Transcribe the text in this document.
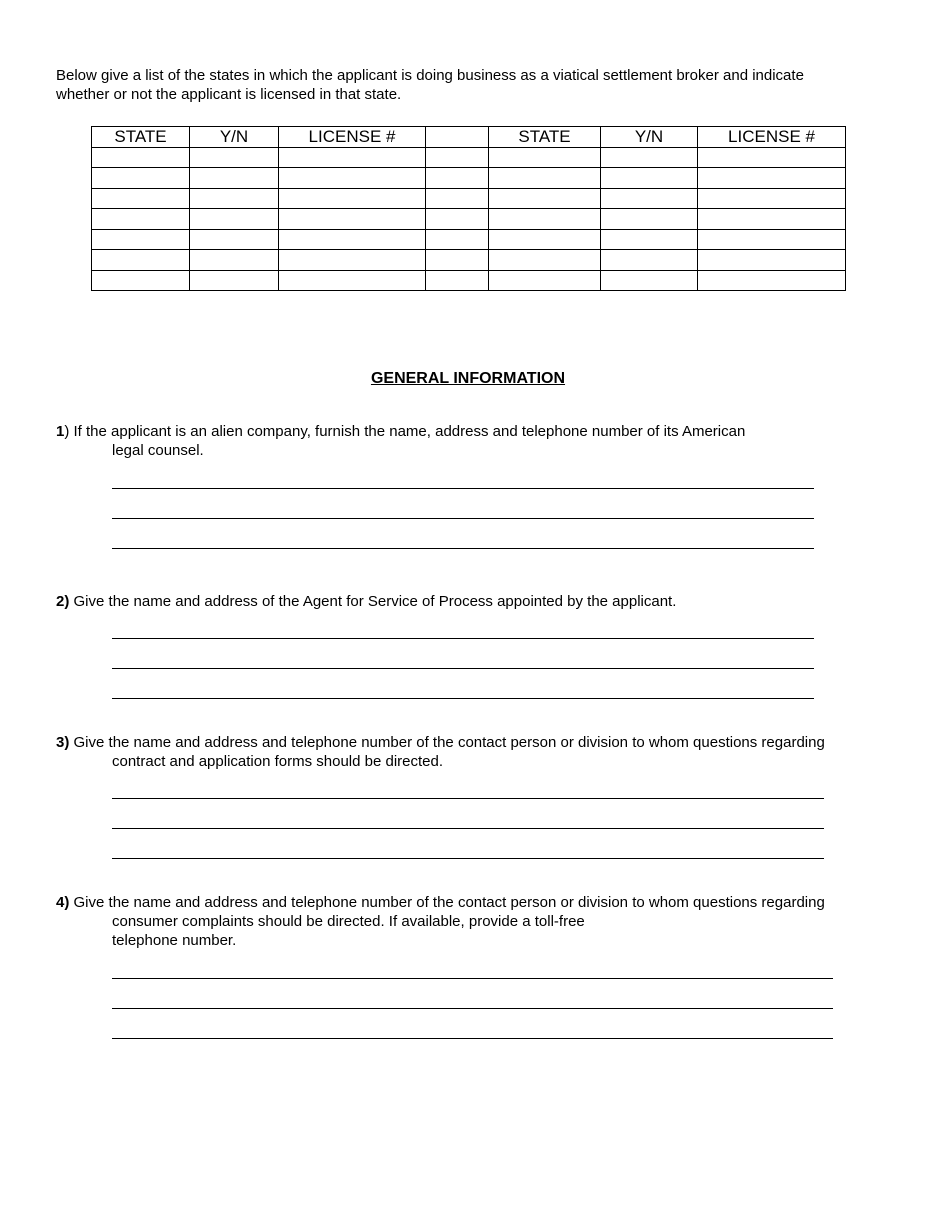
Below give a list of the states in which the applicant is doing business as a viatical settlement broker and indicate whether or not the applicant is licensed in that state.

STATE	Y/N	LICENSE #		STATE	Y/N	LICENSE #

GENERAL INFORMATION

1) If the applicant is an alien company, furnish the name, address and telephone number of its American
legal counsel.

2) Give the name and address of the Agent for Service of Process appointed by the applicant.

3) Give the name and address and telephone number of the contact person or division to whom questions regarding
contract and application forms should be directed.

4) Give the name and address and telephone number of the contact person or division to whom questions regarding
consumer complaints should be directed. If available, provide a toll-free
telephone number.
